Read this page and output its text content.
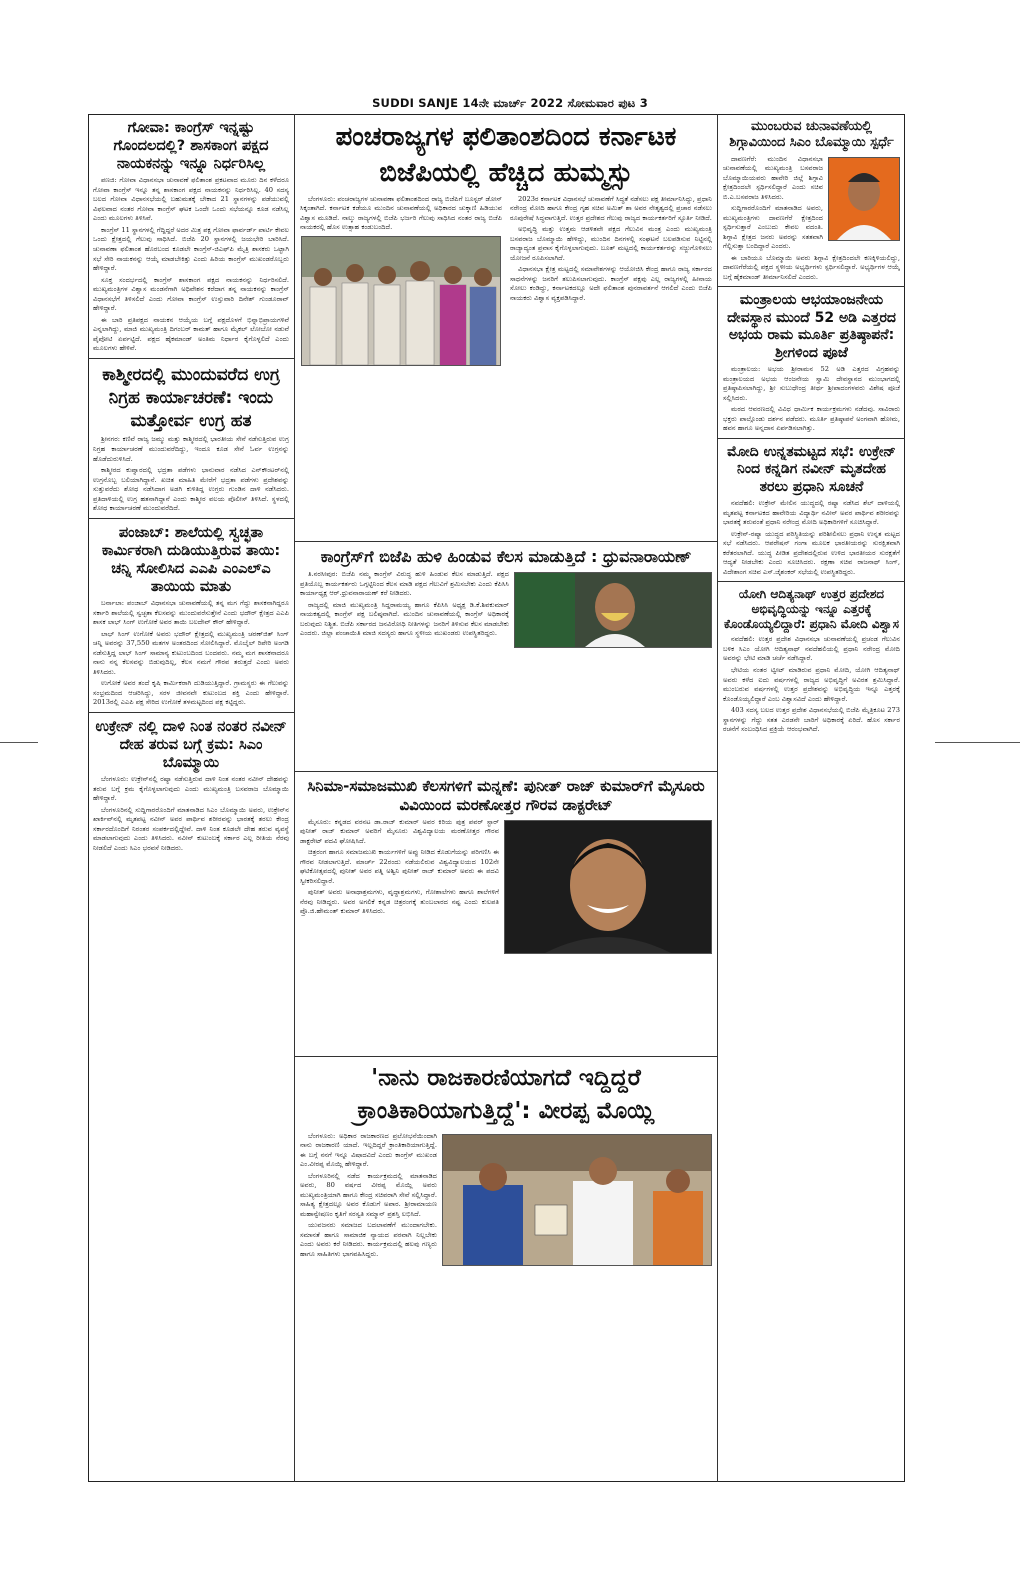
SUDDI SANJE 14ನೇ ಮಾರ್ಚ್ 2022 ಸೋಮವಾರ ಪುಟ 3
ಗೋವಾ: ಕಾಂಗ್ರೆಸ್ ಇನ್ನಷ್ಟು ಗೊಂದಲದಲ್ಲಿ? ಶಾಸಕಾಂಗ ಪಕ್ಷದ ನಾಯಕನನ್ನು ಇನ್ನೂ ನಿರ್ಧರಿಸಿಲ್ಲ

ಪಣಜಿ: ಗೋವಾ ವಿಧಾನಸಭಾ ಚುನಾವಣೆ ಫಲಿತಾಂಶ ಪ್ರಕಟವಾದ ಮೂರು ದಿನ ಕಳೆದರೂ ಗೋವಾ ಕಾಂಗ್ರೆಸ್ ಇನ್ನೂ ತನ್ನ ಶಾಸಕಾಂಗ ಪಕ್ಷದ ನಾಯಕನನ್ನು ನಿರ್ಧರಿಸಿಲ್ಲ. 40 ಸದಸ್ಯ ಬಲದ ಗೋವಾ ವಿಧಾನಸಭೆಯಲ್ಲಿ ಬಹುಮತಕ್ಕೆ ಬೇಕಾದ 21 ಸ್ಥಾನಗಳನ್ನು ಪಡೆಯುವಲ್ಲಿ ವಿಫಲವಾದ ನಂತರ ಗೋವಾ ಕಾಂಗ್ರೆಸ್ ಘಟಕ ಒಂದೇ ಒಂದು ಸಭೆಯನ್ನೂ ಕೂಡ ನಡೆಸಿಲ್ಲ ಎಂದು ಮೂಲಗಳು ತಿಳಿಸಿವೆ.

ಕಾಂಗ್ರೆಸ್ 11 ಸ್ಥಾನಗಳಲ್ಲಿ ಗೆದ್ದಿದ್ದರೆ ಅದರ ಮಿತ್ರ ಪಕ್ಷ ಗೋವಾ ಫಾರ್ವರ್ಡ್ ಪಾರ್ಟಿ ಕೇವಲ ಒಂದು ಕ್ಷೇತ್ರದಲ್ಲಿ ಗೆಲುವು ಸಾಧಿಸಿದೆ. ಬಿಜೆಪಿ 20 ಸ್ಥಾನಗಳಲ್ಲಿ ಜಯಭೇರಿ ಬಾರಿಸಿದೆ. ಚುನಾವಣಾ ಫಲಿತಾಂಶ ಹೊರಬಂದ ಕೂಡಲೇ ಕಾಂಗ್ರೆಸ್-ಜಿಎಫ್‌ಪಿ ಮೈತ್ರಿ ಶಾಸಕರು ಒಟ್ಟಾಗಿ ಸಭೆ ಸೇರಿ ನಾಯಕನನ್ನು ಆಯ್ಕೆ ಮಾಡಬೇಕಿತ್ತು ಎಂದು ಹಿರಿಯ ಕಾಂಗ್ರೆಸ್ ಮುಖಂಡರೊಬ್ಬರು ಹೇಳಿದ್ದಾರೆ.

ಸೂಕ್ತ ಸಂದರ್ಭದಲ್ಲಿ ಕಾಂಗ್ರೆಸ್ ಶಾಸಕಾಂಗ ಪಕ್ಷದ ನಾಯಕನನ್ನು ನಿರ್ಧರಿಸಲಿದೆ. ಮುಖ್ಯಮಂತ್ರಿಗಳ ವಿಶ್ವಾಸ ಮಂಡನೆಗಾಗಿ ಅಧಿವೇಶನ ಕರೆದಾಗ ತನ್ನ ನಾಯಕನನ್ನು ಕಾಂಗ್ರೆಸ್ ವಿಧಾನಸಭೆಗೆ ತಿಳಿಸಲಿದೆ ಎಂದು ಗೋವಾ ಕಾಂಗ್ರೆಸ್ ಉಸ್ತುವಾರಿ ದಿನೇಶ್ ಗುಂಡೂರಾವ್ ಹೇಳಿದ್ದಾರೆ.

ಈ ಬಾರಿ ಪ್ರತಿಪಕ್ಷದ ನಾಯಕನ ಆಯ್ಕೆಯ ಬಗ್ಗೆ ಪಕ್ಷದೊಳಗೆ ಭಿನ್ನಾಭಿಪ್ರಾಯಗಳಿವೆ ಎನ್ನಲಾಗಿದ್ದು, ಮಾಜಿ ಮುಖ್ಯಮಂತ್ರಿ ದಿಗಂಬರ್ ಕಾಮತ್ ಹಾಗೂ ಮೈಕಲ್ ಲೋಬೋ ನಡುವೆ ಪೈಪೋಟಿ ಏರ್ಪಟ್ಟಿದೆ. ಪಕ್ಷದ ಹೈಕಮಾಂಡ್ ಅಂತಿಮ ನಿರ್ಧಾರ ಕೈಗೊಳ್ಳಲಿದೆ ಎಂದು ಮೂಲಗಳು ಹೇಳಿವೆ.

ಕಾಶ್ಮೀರದಲ್ಲಿ ಮುಂದುವರೆದ ಉಗ್ರ ನಿಗ್ರಹ ಕಾರ್ಯಾಚರಣೆ: ಇಂದು ಮತ್ತೋರ್ವ ಉಗ್ರ ಹತ

ಶ್ರೀನಗರ: ಕಣಿವೆ ರಾಜ್ಯ ಜಮ್ಮು ಮತ್ತು ಕಾಶ್ಮೀರದಲ್ಲಿ ಭಾರತೀಯ ಸೇನೆ ನಡೆಸುತ್ತಿರುವ ಉಗ್ರ ನಿಗ್ರಹ ಕಾರ್ಯಾಚರಣೆ ಮುಂದುವರೆದಿದ್ದು, ಇಂದೂ ಕೂಡ ಸೇನೆ ಓರ್ವ ಉಗ್ರನನ್ನು ಹೊಡೆದುರುಳಿಸಿದೆ.

ಕಾಶ್ಮೀರದ ಕುಪ್ವಾರದಲ್ಲಿ ಭದ್ರತಾ ಪಡೆಗಳು ಭಾನುವಾರ ನಡೆಸಿದ ಎನ್‌ಕೌಂಟರ್‌ನಲ್ಲಿ ಉಗ್ರನೊಬ್ಬ ಬಲಿಯಾಗಿದ್ದಾನೆ. ಖಚಿತ ಮಾಹಿತಿ ಮೇರೆಗೆ ಭದ್ರತಾ ಪಡೆಗಳು ಪ್ರದೇಶವನ್ನು ಸುತ್ತುವರೆದು ಶೋಧ ನಡೆಸಿದಾಗ ಅಡಗಿ ಕುಳಿತಿದ್ದ ಉಗ್ರರು ಗುಂಡಿನ ದಾಳಿ ನಡೆಸಿದರು. ಪ್ರತಿದಾಳಿಯಲ್ಲಿ ಉಗ್ರ ಹತನಾಗಿದ್ದಾನೆ ಎಂದು ಕಾಶ್ಮೀರ ವಲಯ ಪೊಲೀಸ್ ತಿಳಿಸಿದೆ. ಸ್ಥಳದಲ್ಲಿ ಶೋಧ ಕಾರ್ಯಾಚರಣೆ ಮುಂದುವರೆದಿದೆ.

ಪಂಜಾಬ್: ಶಾಲೆಯಲ್ಲಿ ಸ್ವಚ್ಛತಾ ಕಾರ್ಮಿಕರಾಗಿ ದುಡಿಯುತ್ತಿರುವ ತಾಯಿ: ಚನ್ನಿ ಸೋಲಿಸಿದ ಎಎಪಿ ಎಂಎಲ್‌ಎ ತಾಯಿಯ ಮಾತು

ಬರ್ನಾಲಾ: ಪಂಜಾಬ್ ವಿಧಾನಸಭಾ ಚುನಾವಣೆಯಲ್ಲಿ ತನ್ನ ಮಗ ಗೆದ್ದು ಶಾಸಕನಾಗಿದ್ದರೂ ಸರ್ಕಾರಿ ಶಾಲೆಯಲ್ಲಿ ಸ್ವಚ್ಛತಾ ಕೆಲಸವನ್ನು ಮುಂದುವರೆಸುತ್ತೇನೆ ಎಂದು ಭದೌರ್ ಕ್ಷೇತ್ರದ ಎಎಪಿ ಶಾಸಕ ಲಾಭ್ ಸಿಂಗ್ ಉಗೋಕೆ ಅವರ ತಾಯಿ ಬಲದೇವ್ ಕೌರ್ ಹೇಳಿದ್ದಾರೆ.

ಲಾಭ್ ಸಿಂಗ್ ಉಗೋಕೆ ಅವರು ಭದೌರ್ ಕ್ಷೇತ್ರದಲ್ಲಿ ಮುಖ್ಯಮಂತ್ರಿ ಚರಣ್‌ಜಿತ್ ಸಿಂಗ್ ಚನ್ನಿ ಅವರನ್ನು 37,550 ಮತಗಳ ಅಂತರದಿಂದ ಸೋಲಿಸಿದ್ದಾರೆ. ಮೊಬೈಲ್ ರಿಪೇರಿ ಅಂಗಡಿ ನಡೆಸುತ್ತಿದ್ದ ಲಾಭ್ ಸಿಂಗ್ ಸಾಮಾನ್ಯ ಕುಟುಂಬದಿಂದ ಬಂದವರು. ನಮ್ಮ ಮಗ ಶಾಸಕನಾದರೂ ನಾನು ನನ್ನ ಕೆಲಸವನ್ನು ಬಿಡುವುದಿಲ್ಲ, ಕೆಲಸ ನಮಗೆ ಗೌರವ ತರುತ್ತದೆ ಎಂದು ಅವರು ತಿಳಿಸಿದರು.

ಉಗೋಕೆ ಅವರ ತಂದೆ ಕೃಷಿ ಕಾರ್ಮಿಕರಾಗಿ ದುಡಿಯುತ್ತಿದ್ದಾರೆ. ಗ್ರಾಮಸ್ಥರು ಈ ಗೆಲುವನ್ನು ಸಂಭ್ರಮದಿಂದ ಆಚರಿಸಿದ್ದು, ಸರಳ ಜೀವನವೇ ಕುಟುಂಬದ ಶಕ್ತಿ ಎಂದು ಹೇಳಿದ್ದಾರೆ. 2013ರಲ್ಲಿ ಎಎಪಿ ಪಕ್ಷ ಸೇರಿದ ಉಗೋಕೆ ತಳಮಟ್ಟದಿಂದ ಪಕ್ಷ ಕಟ್ಟಿದ್ದರು.

ಉಕ್ರೇನ್ ನಲ್ಲಿ ದಾಳಿ ನಿಂತ ನಂತರ ನವೀನ್ ದೇಹ ತರುವ ಬಗ್ಗೆ ಕ್ರಮ: ಸಿಎಂ ಬೊಮ್ಮಾಯಿ

ಬೆಂಗಳೂರು: ಉಕ್ರೇನ್‌ನಲ್ಲಿ ರಷ್ಯಾ ನಡೆಸುತ್ತಿರುವ ದಾಳಿ ನಿಂತ ನಂತರ ನವೀನ್ ದೇಹವನ್ನು ತರುವ ಬಗ್ಗೆ ಕ್ರಮ ಕೈಗೊಳ್ಳಲಾಗುವುದು ಎಂದು ಮುಖ್ಯಮಂತ್ರಿ ಬಸವರಾಜ ಬೊಮ್ಮಾಯಿ ಹೇಳಿದ್ದಾರೆ.

ಬೆಂಗಳೂರಿನಲ್ಲಿ ಸುದ್ದಿಗಾರರೊಂದಿಗೆ ಮಾತನಾಡಿದ ಸಿಎಂ ಬೊಮ್ಮಾಯಿ ಅವರು, ಉಕ್ರೇನ್‌ನ ಖಾರ್ಕಿವ್‌ನಲ್ಲಿ ಮೃತಪಟ್ಟ ನವೀನ್ ಅವರ ಪಾರ್ಥಿವ ಶರೀರವನ್ನು ಭಾರತಕ್ಕೆ ತರಲು ಕೇಂದ್ರ ಸರ್ಕಾರದೊಂದಿಗೆ ನಿರಂತರ ಸಂಪರ್ಕದಲ್ಲಿದ್ದೇವೆ. ದಾಳಿ ನಿಂತ ಕೂಡಲೇ ದೇಹ ತರುವ ವ್ಯವಸ್ಥೆ ಮಾಡಲಾಗುವುದು ಎಂದು ತಿಳಿಸಿದರು. ನವೀನ್ ಕುಟುಂಬಕ್ಕೆ ಸರ್ಕಾರ ಎಲ್ಲ ರೀತಿಯ ನೆರವು ನೀಡಲಿದೆ ಎಂದು ಸಿಎಂ ಭರವಸೆ ನೀಡಿದರು.

ಪಂಚರಾಜ್ಯಗಳ ಫಲಿತಾಂಶದಿಂದ ಕರ್ನಾಟಕ ಬಿಜೆಪಿಯಲ್ಲಿ ಹೆಚ್ಚಿದ ಹುಮ್ಮಸ್ಸು

ಬೆಂಗಳೂರು: ಪಂಚರಾಜ್ಯಗಳ ಚುನಾವಣಾ ಫಲಿತಾಂಶದಿಂದ ರಾಜ್ಯ ಬಿಜೆಪಿಗೆ ಬೂಸ್ಟರ್ ಡೋಸ್ ಸಿಕ್ಕಂತಾಗಿದೆ. ಕರ್ನಾಟಕ ಕಡೆಯೂ ಮುಂದಿನ ಚುನಾವಣೆಯಲ್ಲಿ ಅಧಿಕಾರದ ಚುಕ್ಕಾಣಿ ಹಿಡಿಯುವ ವಿಶ್ವಾಸ ಮೂಡಿದೆ. ನಾಲ್ಕು ರಾಜ್ಯಗಳಲ್ಲಿ ಬಿಜೆಪಿ ಭರ್ಜರಿ ಗೆಲುವು ಸಾಧಿಸಿದ ನಂತರ ರಾಜ್ಯ ಬಿಜೆಪಿ ನಾಯಕರಲ್ಲಿ ಹೊಸ ಉತ್ಸಾಹ ಕಂಡುಬಂದಿದೆ.

2023ರ ಕರ್ನಾಟಕ ವಿಧಾನಸಭೆ ಚುನಾವಣೆಗೆ ಸಿದ್ಧತೆ ನಡೆಸಲು ಪಕ್ಷ ತೀರ್ಮಾನಿಸಿದ್ದು, ಪ್ರಧಾನಿ ನರೇಂದ್ರ ಮೋದಿ ಹಾಗೂ ಕೇಂದ್ರ ಗೃಹ ಸಚಿವ ಅಮಿತ್ ಶಾ ಅವರ ನೇತೃತ್ವದಲ್ಲಿ ಪ್ರಚಾರ ನಡೆಸಲು ರೂಪುರೇಷೆ ಸಿದ್ಧವಾಗುತ್ತಿದೆ. ಉತ್ತರ ಪ್ರದೇಶದ ಗೆಲುವು ರಾಜ್ಯದ ಕಾರ್ಯಕರ್ತರಿಗೆ ಸ್ಫೂರ್ತಿ ನೀಡಿದೆ.

ಅಭಿವೃದ್ಧಿ ಮತ್ತು ಉತ್ತಮ ಆಡಳಿತವೇ ಪಕ್ಷದ ಗೆಲುವಿನ ಮಂತ್ರ ಎಂದು ಮುಖ್ಯಮಂತ್ರಿ ಬಸವರಾಜ ಬೊಮ್ಮಾಯಿ ಹೇಳಿದ್ದು, ಮುಂದಿನ ದಿನಗಳಲ್ಲಿ ಸಂಘಟನೆ ಬಲಪಡಿಸುವ ನಿಟ್ಟಿನಲ್ಲಿ ರಾಜ್ಯಾದ್ಯಂತ ಪ್ರವಾಸ ಕೈಗೊಳ್ಳಲಾಗುವುದು. ಬೂತ್ ಮಟ್ಟದಲ್ಲಿ ಕಾರ್ಯಕರ್ತರನ್ನು ಸಜ್ಜುಗೊಳಿಸಲು ಯೋಜನೆ ರೂಪಿಸಲಾಗಿದೆ.

ವಿಧಾನಸಭಾ ಕ್ಷೇತ್ರ ಮಟ್ಟದಲ್ಲಿ ಸಮಾವೇಶಗಳನ್ನು ಆಯೋಜಿಸಿ ಕೇಂದ್ರ ಹಾಗೂ ರಾಜ್ಯ ಸರ್ಕಾರದ ಸಾಧನೆಗಳನ್ನು ಜನರಿಗೆ ತಲುಪಿಸಲಾಗುವುದು. ಕಾಂಗ್ರೆಸ್ ಪಕ್ಷವು ಎಲ್ಲ ರಾಜ್ಯಗಳಲ್ಲಿ ಹೀನಾಯ ಸೋಲು ಕಂಡಿದ್ದು, ಕರ್ನಾಟಕದಲ್ಲೂ ಅದೇ ಫಲಿತಾಂಶ ಪುನರಾವರ್ತನೆ ಆಗಲಿದೆ ಎಂದು ಬಿಜೆಪಿ ನಾಯಕರು ವಿಶ್ವಾಸ ವ್ಯಕ್ತಪಡಿಸಿದ್ದಾರೆ.

ಕಾಂಗ್ರೆಸ್‌ಗೆ ಬಿಜೆಪಿ ಹುಳಿ ಹಿಂಡುವ ಕೆಲಸ ಮಾಡುತ್ತಿದೆ : ಧ್ರುವನಾರಾಯಣ್

ತಿ.ನರಸೀಪುರ: ಬಿಜೆಪಿ ನಮ್ಮ ಕಾಂಗ್ರೆಸ್ ವಿರುದ್ಧ ಹುಳಿ ಹಿಂಡುವ ಕೆಲಸ ಮಾಡುತ್ತಿದೆ. ಪಕ್ಷದ ಪ್ರತಿಯೊಬ್ಬ ಕಾರ್ಯಕರ್ತರು ಒಗ್ಗಟ್ಟಿನಿಂದ ಕೆಲಸ ಮಾಡಿ ಪಕ್ಷದ ಗೆಲುವಿಗೆ ಶ್ರಮಿಸಬೇಕು ಎಂದು ಕೆಪಿಸಿಸಿ ಕಾರ್ಯಾಧ್ಯಕ್ಷ ಆರ್.ಧ್ರುವನಾರಾಯಣ್ ಕರೆ ನೀಡಿದರು.

ರಾಜ್ಯದಲ್ಲಿ ಮಾಜಿ ಮುಖ್ಯಮಂತ್ರಿ ಸಿದ್ದರಾಮಯ್ಯ ಹಾಗೂ ಕೆಪಿಸಿಸಿ ಅಧ್ಯಕ್ಷ ಡಿ.ಕೆ.ಶಿವಕುಮಾರ್ ನಾಯಕತ್ವದಲ್ಲಿ ಕಾಂಗ್ರೆಸ್ ಪಕ್ಷ ಬಲಿಷ್ಠವಾಗಿದೆ. ಮುಂದಿನ ಚುನಾವಣೆಯಲ್ಲಿ ಕಾಂಗ್ರೆಸ್ ಅಧಿಕಾರಕ್ಕೆ ಬರುವುದು ನಿಶ್ಚಿತ. ಬಿಜೆಪಿ ಸರ್ಕಾರದ ಜನವಿರೋಧಿ ನೀತಿಗಳನ್ನು ಜನರಿಗೆ ತಿಳಿಸುವ ಕೆಲಸ ಮಾಡಬೇಕು ಎಂದರು. ಜಿಲ್ಲಾ ಪಂಚಾಯಿತಿ ಮಾಜಿ ಸದಸ್ಯರು ಹಾಗೂ ಸ್ಥಳೀಯ ಮುಖಂಡರು ಉಪಸ್ಥಿತರಿದ್ದರು.

ಸಿನಿಮಾ-ಸಮಾಜಮುಖಿ ಕೆಲಸಗಳಿಗೆ ಮನ್ನಣೆ: ಪುನೀತ್ ರಾಜ್ ಕುಮಾರ್‌ಗೆ ಮೈಸೂರು ವಿವಿಯಿಂದ ಮರಣೋತ್ತರ ಗೌರವ ಡಾಕ್ಟರೇಟ್

ಮೈಸೂರು: ಕನ್ನಡದ ವರನಟ ಡಾ.ರಾಜ್ ಕುಮಾರ್ ಅವರ ಕಿರಿಯ ಪುತ್ರ ಪವರ್ ಸ್ಟಾರ್ ಪುನೀತ್ ರಾಜ್ ಕುಮಾರ್ ಅವರಿಗೆ ಮೈಸೂರು ವಿಶ್ವವಿದ್ಯಾಲಯ ಮರಣೋತ್ತರ ಗೌರವ ಡಾಕ್ಟರೇಟ್ ಪದವಿ ಘೋಷಿಸಿದೆ.

ಚಿತ್ರರಂಗ ಹಾಗೂ ಸಮಾಜಮುಖಿ ಕಾರ್ಯಗಳಿಗೆ ಅಪ್ಪು ನೀಡಿದ ಕೊಡುಗೆಯನ್ನು ಪರಿಗಣಿಸಿ ಈ ಗೌರವ ನೀಡಲಾಗುತ್ತಿದೆ. ಮಾರ್ಚ್ 22ರಂದು ನಡೆಯಲಿರುವ ವಿಶ್ವವಿದ್ಯಾಲಯದ 102ನೇ ಘಟಿಕೋತ್ಸವದಲ್ಲಿ ಪುನೀತ್ ಅವರ ಪತ್ನಿ ಅಶ್ವಿನಿ ಪುನೀತ್ ರಾಜ್ ಕುಮಾರ್ ಅವರು ಈ ಪದವಿ ಸ್ವೀಕರಿಸಲಿದ್ದಾರೆ.

ಪುನೀತ್ ಅವರು ಅನಾಥಾಶ್ರಮಗಳು, ವೃದ್ಧಾಶ್ರಮಗಳು, ಗೋಶಾಲೆಗಳು ಹಾಗೂ ಶಾಲೆಗಳಿಗೆ ನೆರವು ನೀಡಿದ್ದರು. ಅವರ ಅಗಲಿಕೆ ಕನ್ನಡ ಚಿತ್ರರಂಗಕ್ಕೆ ತುಂಬಲಾರದ ನಷ್ಟ ಎಂದು ಕುಲಪತಿ ಪ್ರೊ.ಜಿ.ಹೇಮಂತ್ ಕುಮಾರ್ ತಿಳಿಸಿದರು.

'ನಾನು ರಾಜಕಾರಣಿಯಾಗದೆ ಇದ್ದಿದ್ದರೆ ಕ್ರಾಂತಿಕಾರಿಯಾಗುತ್ತಿದ್ದೆ': ವೀರಪ್ಪ ಮೊಯ್ಲಿ

ಬೆಂಗಳೂರು: ಅಧಿಕಾರ ರಾಜಕಾರಣದ ಪ್ರಲೋಭನೆಯಿಂದಾಗಿ ನಾನು ರಾಜಕಾರಣಿ ಯಾದೆ. ಇಲ್ಲದಿದ್ದರೆ ಕ್ರಾಂತಿಕಾರಿಯಾಗುತ್ತಿದ್ದೆ. ಈ ಬಗ್ಗೆ ನನಗೆ ಇನ್ನೂ ವಿಷಾದವಿದೆ ಎಂದು ಕಾಂಗ್ರೆಸ್ ಮುಖಂಡ ಎಂ.ವೀರಪ್ಪ ಮೊಯ್ಲಿ ಹೇಳಿದ್ದಾರೆ.

ಬೆಂಗಳೂರಿನಲ್ಲಿ ನಡೆದ ಕಾರ್ಯಕ್ರಮದಲ್ಲಿ ಮಾತನಾಡಿದ ಅವರು, 80 ವರ್ಷದ ವೀರಪ್ಪ ಮೊಯ್ಲಿ ಅವರು ಮುಖ್ಯಮಂತ್ರಿಯಾಗಿ ಹಾಗೂ ಕೇಂದ್ರ ಸಚಿವರಾಗಿ ಸೇವೆ ಸಲ್ಲಿಸಿದ್ದಾರೆ. ಸಾಹಿತ್ಯ ಕ್ಷೇತ್ರದಲ್ಲೂ ಅವರ ಕೊಡುಗೆ ಅಪಾರ. ಶ್ರೀರಾಮಾಯಣ ಮಹಾನ್ವೇಷಣಂ ಕೃತಿಗೆ ಸರಸ್ವತಿ ಸಮ್ಮಾನ್ ಪ್ರಶಸ್ತಿ ಲಭಿಸಿದೆ.

ಯುವಜನರು ಸಮಾಜದ ಬದಲಾವಣೆಗೆ ಮುಂದಾಗಬೇಕು. ಸಮಾನತೆ ಹಾಗೂ ಸಾಮಾಜಿಕ ನ್ಯಾಯದ ಪರವಾಗಿ ನಿಲ್ಲಬೇಕು ಎಂದು ಅವರು ಕರೆ ನೀಡಿದರು. ಕಾರ್ಯಕ್ರಮದಲ್ಲಿ ಹಲವು ಗಣ್ಯರು ಹಾಗೂ ಸಾಹಿತಿಗಳು ಭಾಗವಹಿಸಿದ್ದರು.

ಮುಂಬರುವ ಚುನಾವಣೆಯಲ್ಲಿ ಶಿಗ್ಗಾವಿಯಿಂದ ಸಿಎಂ ಬೊಮ್ಮಾಯಿ ಸ್ಪರ್ಧೆ

ದಾವಣಗೆರೆ: ಮುಂದಿನ ವಿಧಾನಸಭಾ ಚುನಾವಣೆಯಲ್ಲಿ ಮುಖ್ಯಮಂತ್ರಿ ಬಸವರಾಜ ಬೊಮ್ಮಾಯಿಯವರು ಹಾವೇರಿ ಜಿಲ್ಲೆ ಶಿಗ್ಗಾವಿ ಕ್ಷೇತ್ರದಿಂದಲೇ ಸ್ಪರ್ಧಿಸಲಿದ್ದಾರೆ ಎಂದು ಸಚಿವ ಬಿ.ಎ.ಬಸವರಾಜ ತಿಳಿಸಿದರು.

ಸುದ್ದಿಗಾರರೊಂದಿಗೆ ಮಾತನಾಡಿದ ಅವರು, ಮುಖ್ಯಮಂತ್ರಿಗಳು ದಾವಣಗೆರೆ ಕ್ಷೇತ್ರದಿಂದ ಸ್ಪರ್ಧಿಸುತ್ತಾರೆ ಎಂಬುದು ಕೇವಲ ವದಂತಿ. ಶಿಗ್ಗಾವಿ ಕ್ಷೇತ್ರದ ಜನರು ಅವರನ್ನು ಸತತವಾಗಿ ಗೆಲ್ಲಿಸುತ್ತಾ ಬಂದಿದ್ದಾರೆ ಎಂದರು.

ಈ ಬಾರಿಯೂ ಬೊಮ್ಮಾಯಿ ಅವರು ಶಿಗ್ಗಾವಿ ಕ್ಷೇತ್ರದಿಂದಲೇ ಕಣಕ್ಕಿಳಿಯಲಿದ್ದು, ದಾವಣಗೆರೆಯಲ್ಲಿ ಪಕ್ಷದ ಸ್ಥಳೀಯ ಅಭ್ಯರ್ಥಿಗಳು ಸ್ಪರ್ಧಿಸಲಿದ್ದಾರೆ. ಅಭ್ಯರ್ಥಿಗಳ ಆಯ್ಕೆ ಬಗ್ಗೆ ಹೈಕಮಾಂಡ್ ತೀರ್ಮಾನಿಸಲಿದೆ ಎಂದರು.

ಮಂತ್ರಾಲಯ ಆಭಯಾಂಜನೇಯ ದೇವಸ್ಥಾನ ಮುಂದೆ 52 ಅಡಿ ಎತ್ತರದ ಅಭಯ ರಾಮ ಮೂರ್ತಿ ಪ್ರತಿಷ್ಠಾಪನೆ: ಶ್ರೀಗಳಿಂದ ಪೂಜೆ

ಮಂತ್ರಾಲಯ: ಅಭಯ ಶ್ರೀರಾಮನ 52 ಅಡಿ ಎತ್ತರದ ವಿಗ್ರಹವನ್ನು ಮಂತ್ರಾಲಯದ ಅಭಯ ಆಂಜನೇಯ ಸ್ವಾಮಿ ದೇವಸ್ಥಾನದ ಮುಂಭಾಗದಲ್ಲಿ ಪ್ರತಿಷ್ಠಾಪಿಸಲಾಗಿದ್ದು, ಶ್ರೀ ಸುಬುಧೇಂದ್ರ ತೀರ್ಥ ಶ್ರೀಪಾದಂಗಳವರು ವಿಶೇಷ ಪೂಜೆ ಸಲ್ಲಿಸಿದರು.

ಮಠದ ಆವರಣದಲ್ಲಿ ವಿವಿಧ ಧಾರ್ಮಿಕ ಕಾರ್ಯಕ್ರಮಗಳು ನಡೆದವು. ಸಾವಿರಾರು ಭಕ್ತರು ಪಾಲ್ಗೊಂಡು ದರ್ಶನ ಪಡೆದರು. ಮೂರ್ತಿ ಪ್ರತಿಷ್ಠಾಪನೆ ಅಂಗವಾಗಿ ಹೋಮ, ಹವನ ಹಾಗೂ ಅನ್ನದಾನ ಏರ್ಪಡಿಸಲಾಗಿತ್ತು.

ಮೋದಿ ಉನ್ನತಮಟ್ಟದ ಸಭೆ: ಉಕ್ರೇನ್ ನಿಂದ ಕನ್ನಡಿಗ ನವೀನ್ ಮೃತದೇಹ ತರಲು ಪ್ರಧಾನಿ ಸೂಚನೆ

ನವದೆಹಲಿ: ಉಕ್ರೇನ್ ಮೇಲಿನ ಯುದ್ಧದಲ್ಲಿ ರಷ್ಯಾ ನಡೆಸಿದ ಶೆಲ್ ದಾಳಿಯಲ್ಲಿ ಮೃತಪಟ್ಟ ಕರ್ನಾಟಕದ ಹಾವೇರಿಯ ವಿದ್ಯಾರ್ಥಿ ನವೀನ್ ಅವರ ಪಾರ್ಥಿವ ಶರೀರವನ್ನು ಭಾರತಕ್ಕೆ ತರುವಂತೆ ಪ್ರಧಾನಿ ನರೇಂದ್ರ ಮೋದಿ ಅಧಿಕಾರಿಗಳಿಗೆ ಸೂಚಿಸಿದ್ದಾರೆ.

ಉಕ್ರೇನ್-ರಷ್ಯಾ ಯುದ್ಧದ ಪರಿಸ್ಥಿತಿಯನ್ನು ಪರಿಶೀಲಿಸಲು ಪ್ರಧಾನಿ ಉನ್ನತ ಮಟ್ಟದ ಸಭೆ ನಡೆಸಿದರು. ಆಪರೇಷನ್ ಗಂಗಾ ಮೂಲಕ ಭಾರತೀಯರನ್ನು ಸುರಕ್ಷಿತವಾಗಿ ಕರೆತರಲಾಗಿದೆ. ಯುದ್ಧ ಪೀಡಿತ ಪ್ರದೇಶದಲ್ಲಿರುವ ಉಳಿದ ಭಾರತೀಯರ ಸುರಕ್ಷತೆಗೆ ಆದ್ಯತೆ ನೀಡಬೇಕು ಎಂದು ಸೂಚಿಸಿದರು. ರಕ್ಷಣಾ ಸಚಿವ ರಾಜನಾಥ್ ಸಿಂಗ್, ವಿದೇಶಾಂಗ ಸಚಿವ ಎಸ್.ಜೈಶಂಕರ್ ಸಭೆಯಲ್ಲಿ ಉಪಸ್ಥಿತರಿದ್ದರು.

ಯೋಗಿ ಆದಿತ್ಯನಾಥ್ ಉತ್ತರ ಪ್ರದೇಶದ ಅಭಿವೃದ್ಧಿಯನ್ನು ಇನ್ನೂ ಎತ್ತರಕ್ಕೆ ಕೊಂಡೊಯ್ಯಲಿದ್ದಾರೆ: ಪ್ರಧಾನಿ ಮೋದಿ ವಿಶ್ವಾಸ

ನವದೆಹಲಿ: ಉತ್ತರ ಪ್ರದೇಶ ವಿಧಾನಸಭಾ ಚುನಾವಣೆಯಲ್ಲಿ ಪ್ರಚಂಡ ಗೆಲುವಿನ ಬಳಿಕ ಸಿಎಂ ಯೋಗಿ ಆದಿತ್ಯನಾಥ್ ನವದೆಹಲಿಯಲ್ಲಿ ಪ್ರಧಾನಿ ನರೇಂದ್ರ ಮೋದಿ ಅವರನ್ನು ಭೇಟಿ ಮಾಡಿ ಚರ್ಚೆ ನಡೆಸಿದ್ದಾರೆ.

ಭೇಟಿಯ ನಂತರ ಟ್ವೀಟ್ ಮಾಡಿರುವ ಪ್ರಧಾನಿ ಮೋದಿ, ಯೋಗಿ ಆದಿತ್ಯನಾಥ್ ಅವರು ಕಳೆದ ಐದು ವರ್ಷಗಳಲ್ಲಿ ರಾಜ್ಯದ ಅಭಿವೃದ್ಧಿಗೆ ಅವಿರತ ಶ್ರಮಿಸಿದ್ದಾರೆ. ಮುಂಬರುವ ವರ್ಷಗಳಲ್ಲಿ ಉತ್ತರ ಪ್ರದೇಶವನ್ನು ಅಭಿವೃದ್ಧಿಯ ಇನ್ನೂ ಎತ್ತರಕ್ಕೆ ಕೊಂಡೊಯ್ಯಲಿದ್ದಾರೆ ಎಂಬ ವಿಶ್ವಾಸವಿದೆ ಎಂದು ಹೇಳಿದ್ದಾರೆ.

403 ಸದಸ್ಯ ಬಲದ ಉತ್ತರ ಪ್ರದೇಶ ವಿಧಾನಸಭೆಯಲ್ಲಿ ಬಿಜೆಪಿ ಮೈತ್ರಿಕೂಟ 273 ಸ್ಥಾನಗಳನ್ನು ಗೆದ್ದು ಸತತ ಎರಡನೇ ಬಾರಿಗೆ ಅಧಿಕಾರಕ್ಕೆ ಏರಿದೆ. ಹೊಸ ಸರ್ಕಾರ ರಚನೆಗೆ ಸಂಬಂಧಿಸಿದ ಪ್ರಕ್ರಿಯೆ ಆರಂಭವಾಗಿದೆ.
